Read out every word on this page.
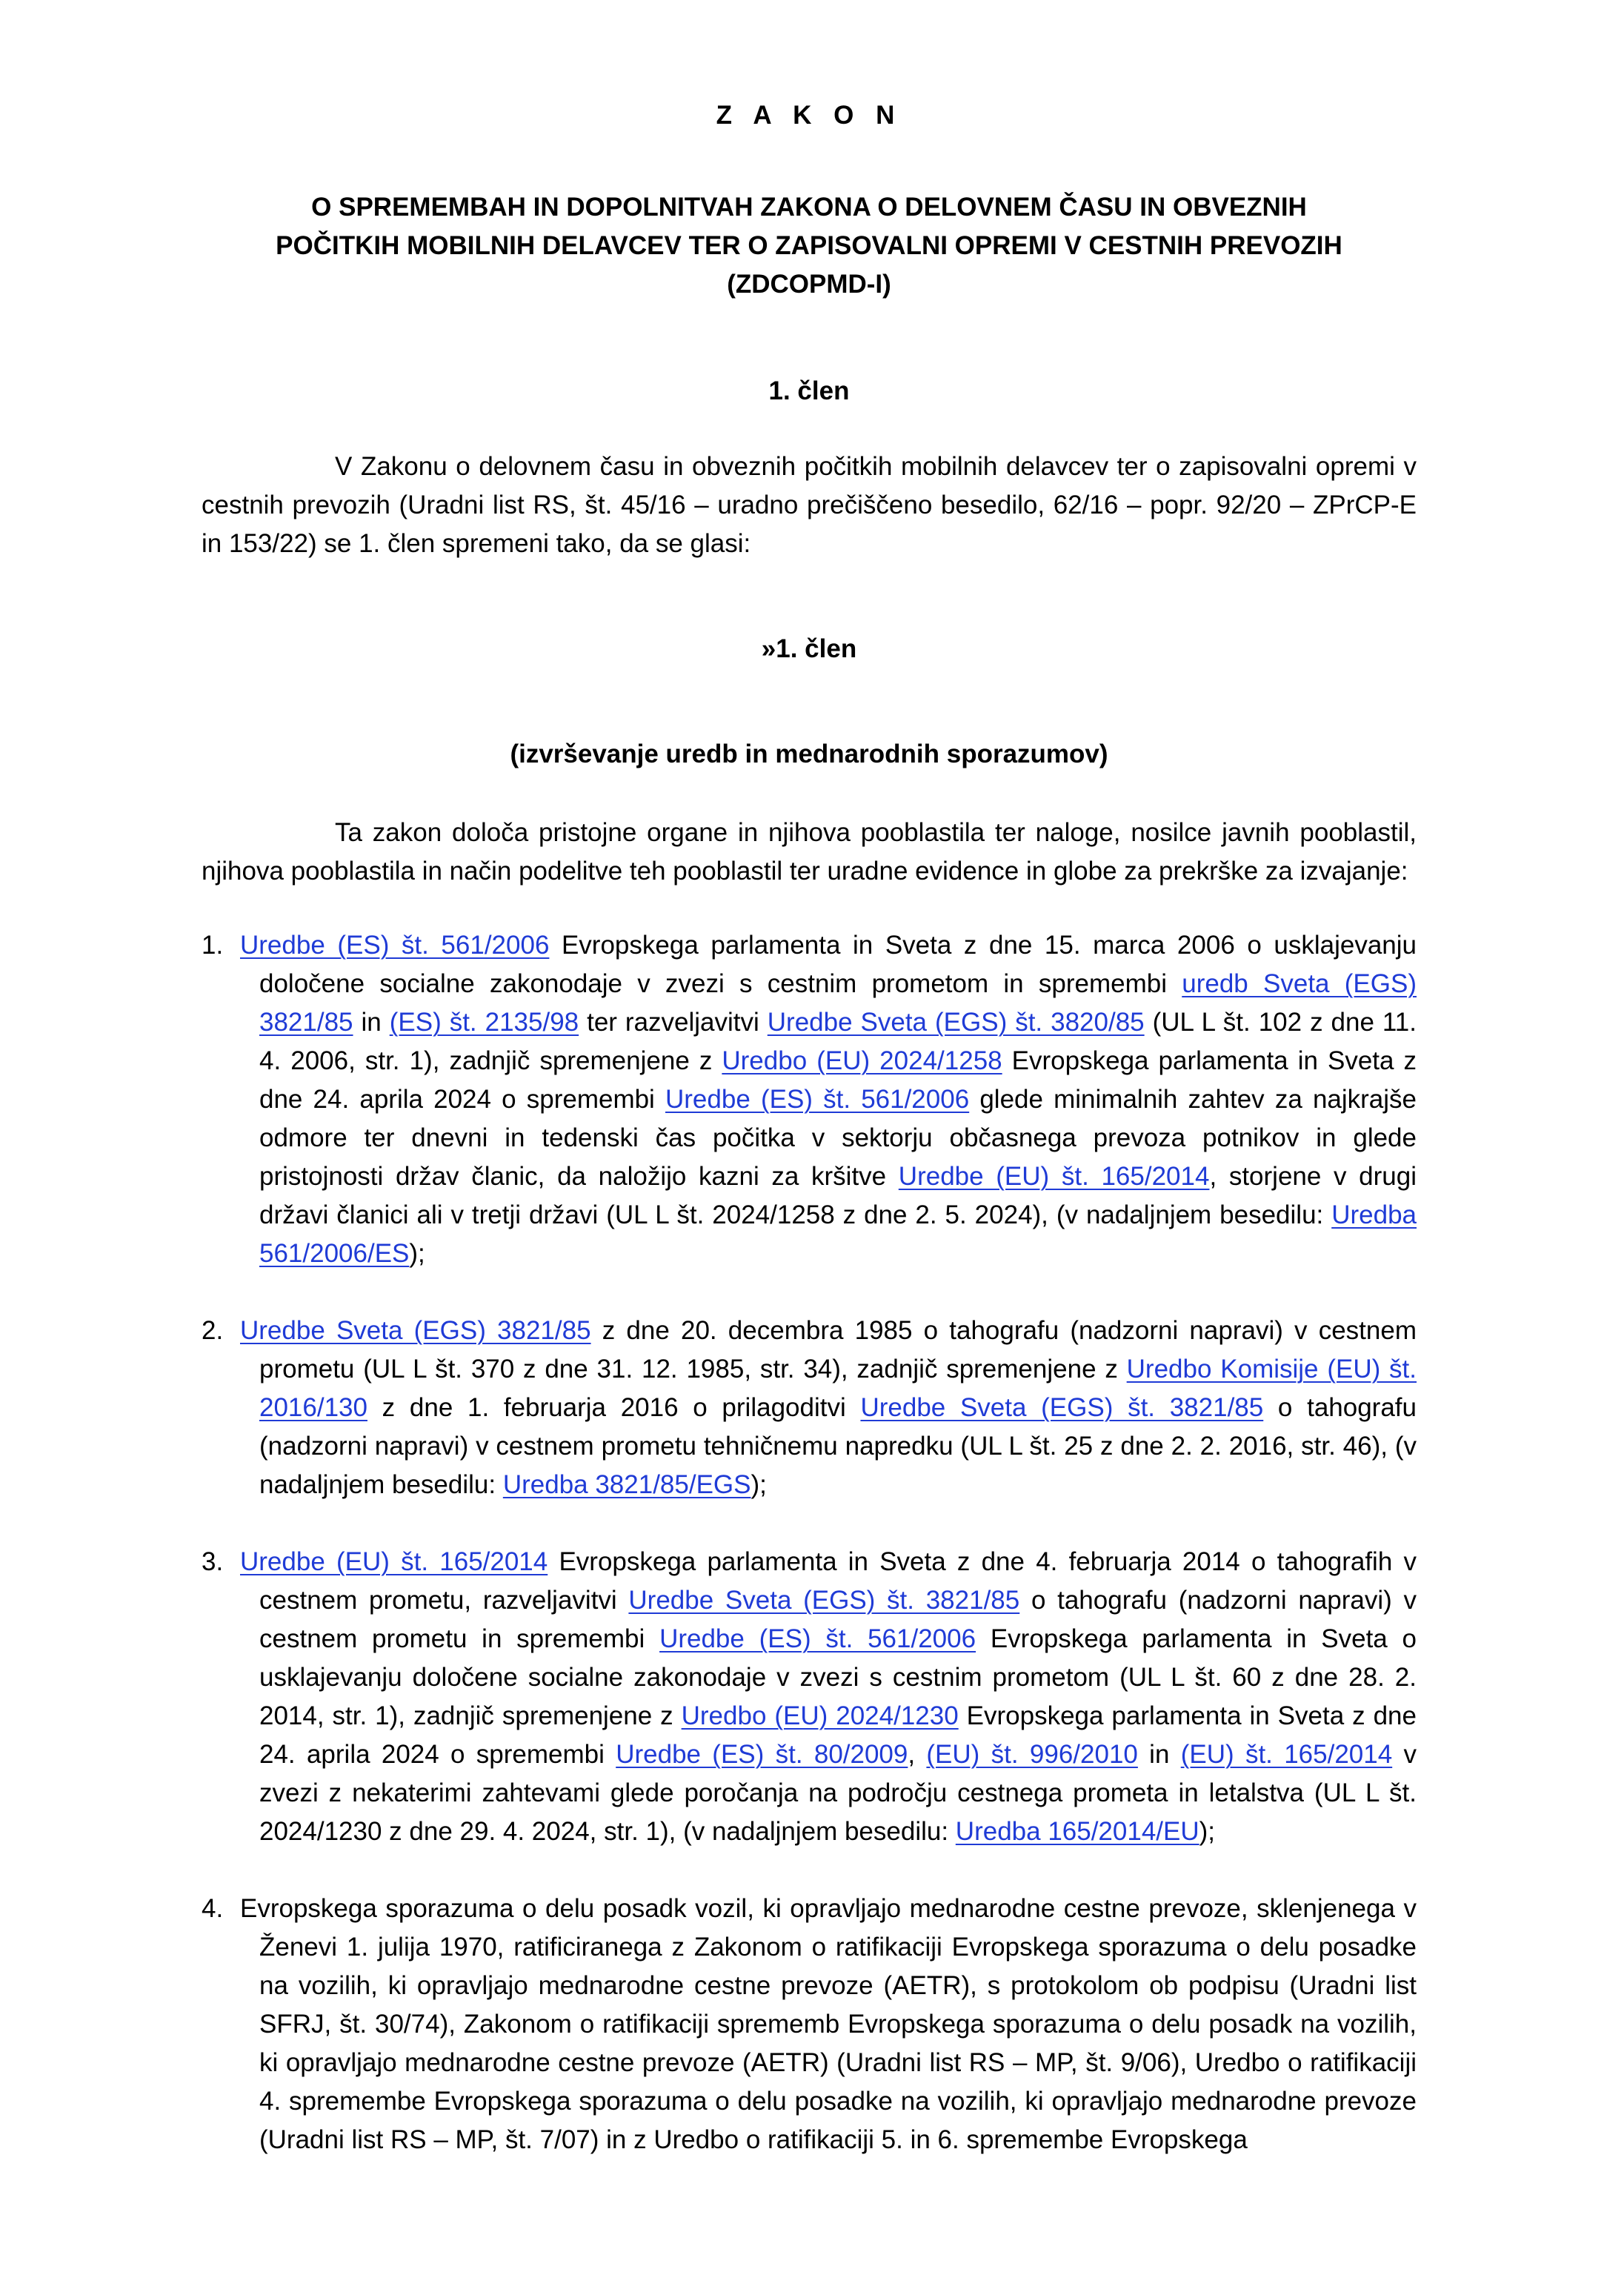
Z A K O N

O SPREMEMBAH IN DOPOLNITVAH ZAKONA O DELOVNEM ČASU IN OBVEZNIH

POČITKIH MOBILNIH DELAVCEV TER O ZAPISOVALNI OPREMI V CESTNIH PREVOZIH

(ZDCOPMD-I)

1. člen

V Zakonu o delovnem času in obveznih počitkih mobilnih delavcev ter o zapisovalni opremi v cestnih prevozih (Uradni list RS, št. 45/16 – uradno prečiščeno besedilo, 62/16 – popr. 92/20 – ZPrCP-E in 153/22) se 1. člen spremeni tako, da se glasi:

»1. člen

(izvrševanje uredb in mednarodnih sporazumov)

Ta zakon določa pristojne organe in njihova pooblastila ter naloge, nosilce javnih pooblastil, njihova pooblastila in način podelitve teh pooblastil ter uradne evidence in globe za prekrške za izvajanje:

1. Uredbe (ES) št. 561/2006 Evropskega parlamenta in Sveta z dne 15. marca 2006 o usklajevanju določene socialne zakonodaje v zvezi s cestnim prometom in spremembi uredb Sveta (EGS) 3821/85 in (ES) št. 2135/98 ter razveljavitvi Uredbe Sveta (EGS) št. 3820/85 (UL L št. 102 z dne 11. 4. 2006, str. 1), zadnjič spremenjene z Uredbo (EU) 2024/1258 Evropskega parlamenta in Sveta z dne 24. aprila 2024 o spremembi Uredbe (ES) št. 561/2006 glede minimalnih zahtev za najkrajše odmore ter dnevni in tedenski čas počitka v sektorju občasnega prevoza potnikov in glede pristojnosti držav članic, da naložijo kazni za kršitve Uredbe (EU) št. 165/2014, storjene v drugi državi članici ali v tretji državi (UL L št. 2024/1258 z dne 2. 5. 2024), (v nadaljnjem besedilu: Uredba 561/2006/ES);
2. Uredbe Sveta (EGS) 3821/85 z dne 20. decembra 1985 o tahografu (nadzorni napravi) v cestnem prometu (UL L št. 370 z dne 31. 12. 1985, str. 34), zadnjič spremenjene z Uredbo Komisije (EU) št. 2016/130 z dne 1. februarja 2016 o prilagoditvi Uredbe Sveta (EGS) št. 3821/85 o tahografu (nadzorni napravi) v cestnem prometu tehničnemu napredku (UL L št. 25 z dne 2. 2. 2016, str. 46), (v nadaljnjem besedilu: Uredba 3821/85/EGS);
3. Uredbe (EU) št. 165/2014 Evropskega parlamenta in Sveta z dne 4. februarja 2014 o tahografih v cestnem prometu, razveljavitvi Uredbe Sveta (EGS) št. 3821/85 o tahografu (nadzorni napravi) v cestnem prometu in spremembi Uredbe (ES) št. 561/2006 Evropskega parlamenta in Sveta o usklajevanju določene socialne zakonodaje v zvezi s cestnim prometom (UL L št. 60 z dne 28. 2. 2014, str. 1), zadnjič spremenjene z Uredbo (EU) 2024/1230 Evropskega parlamenta in Sveta z dne 24. aprila 2024 o spremembi Uredbe (ES) št. 80/2009, (EU) št. 996/2010 in (EU) št. 165/2014 v zvezi z nekaterimi zahtevami glede poročanja na področju cestnega prometa in letalstva (UL L št. 2024/1230 z dne 29. 4. 2024, str. 1), (v nadaljnjem besedilu: Uredba 165/2014/EU);
4. Evropskega sporazuma o delu posadk vozil, ki opravljajo mednarodne cestne prevoze, sklenjenega v Ženevi 1. julija 1970, ratificiranega z Zakonom o ratifikaciji Evropskega sporazuma o delu posadke na vozilih, ki opravljajo mednarodne cestne prevoze (AETR), s protokolom ob podpisu (Uradni list SFRJ, št. 30/74), Zakonom o ratifikaciji sprememb Evropskega sporazuma o delu posadk na vozilih, ki opravljajo mednarodne cestne prevoze (AETR) (Uradni list RS – MP, št. 9/06), Uredbo o ratifikaciji 4. spremembe Evropskega sporazuma o delu posadke na vozilih, ki opravljajo mednarodne prevoze (Uradni list RS – MP, št. 7/07) in z Uredbo o ratifikaciji 5. in 6. spremembe Evropskega
